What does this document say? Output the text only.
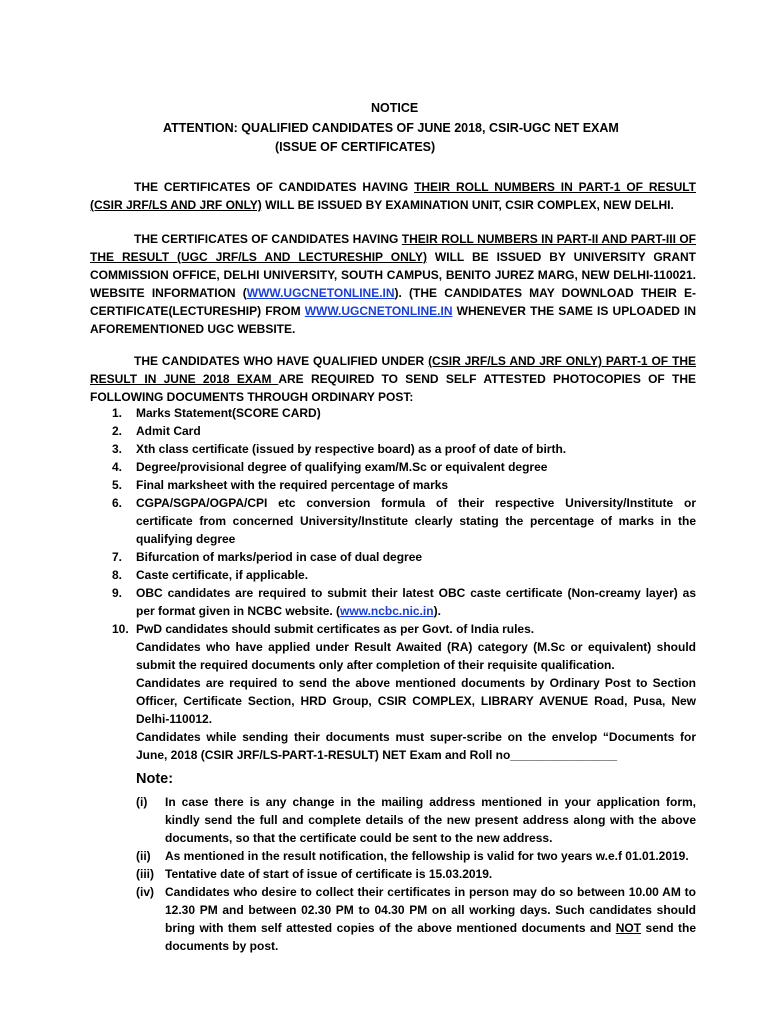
NOTICE
ATTENTION: QUALIFIED CANDIDATES OF JUNE 2018, CSIR-UGC NET EXAM
(ISSUE OF CERTIFICATES)

THE CERTIFICATES OF CANDIDATES HAVING THEIR ROLL NUMBERS IN PART-1 OF RESULT (CSIR JRF/LS AND JRF ONLY) WILL BE ISSUED BY EXAMINATION UNIT, CSIR COMPLEX, NEW DELHI.

THE CERTIFICATES OF CANDIDATES HAVING THEIR ROLL NUMBERS IN PART-II AND PART-III OF THE RESULT (UGC JRF/LS AND LECTURESHIP ONLY) WILL BE ISSUED BY UNIVERSITY GRANT COMMISSION OFFICE, DELHI UNIVERSITY, SOUTH CAMPUS, BENITO JUREZ MARG, NEW DELHI-110021. WEBSITE INFORMATION (WWW.UGCNETONLINE.IN). (THE CANDIDATES MAY DOWNLOAD THEIR E-CERTIFICATE(LECTURESHIP) FROM WWW.UGCNETONLINE.IN WHENEVER THE SAME IS UPLOADED IN AFOREMENTIONED UGC WEBSITE.

THE CANDIDATES WHO HAVE QUALIFIED UNDER (CSIR JRF/LS AND JRF ONLY) PART-1 OF THE RESULT IN JUNE 2018 EXAM ARE REQUIRED TO SEND SELF ATTESTED PHOTOCOPIES OF THE FOLLOWING DOCUMENTS THROUGH ORDINARY POST:

1. Marks Statement(SCORE CARD)
2. Admit Card
3. Xth class certificate (issued by respective board) as a proof of date of birth.
4. Degree/provisional degree of qualifying exam/M.Sc or equivalent degree
5. Final marksheet with the required percentage of marks
6. CGPA/SGPA/OGPA/CPI etc conversion formula of their respective University/Institute or certificate from concerned University/Institute clearly stating the percentage of marks in the qualifying degree
7. Bifurcation of marks/period in case of dual degree
8. Caste certificate, if applicable.
9. OBC candidates are required to submit their latest OBC caste certificate (Non-creamy layer) as per format given in NCBC website. (www.ncbc.nic.in).
10. PwD candidates should submit certificates as per Govt. of India rules.
Candidates who have applied under Result Awaited (RA) category (M.Sc or equivalent) should submit the required documents only after completion of their requisite qualification.
Candidates are required to send the above mentioned documents by Ordinary Post to Section Officer, Certificate Section, HRD Group, CSIR COMPLEX, LIBRARY AVENUE Road, Pusa, New Delhi-110012.
Candidates while sending their documents must super-scribe on the envelop “Documents for June, 2018 (CSIR JRF/LS-PART-1-RESULT) NET Exam and Roll no________________
Note:
(i) In case there is any change in the mailing address mentioned in your application form, kindly send the full and complete details of the new present address along with the above documents, so that the certificate could be sent to the new address.
(ii) As mentioned in the result notification, the fellowship is valid for two years w.e.f 01.01.2019.
(iii) Tentative date of start of issue of certificate is 15.03.2019.
(iv) Candidates who desire to collect their certificates in person may do so between 10.00 AM to 12.30 PM and between 02.30 PM to 04.30 PM on all working days. Such candidates should bring with them self attested copies of the above mentioned documents and NOT send the documents by post.
